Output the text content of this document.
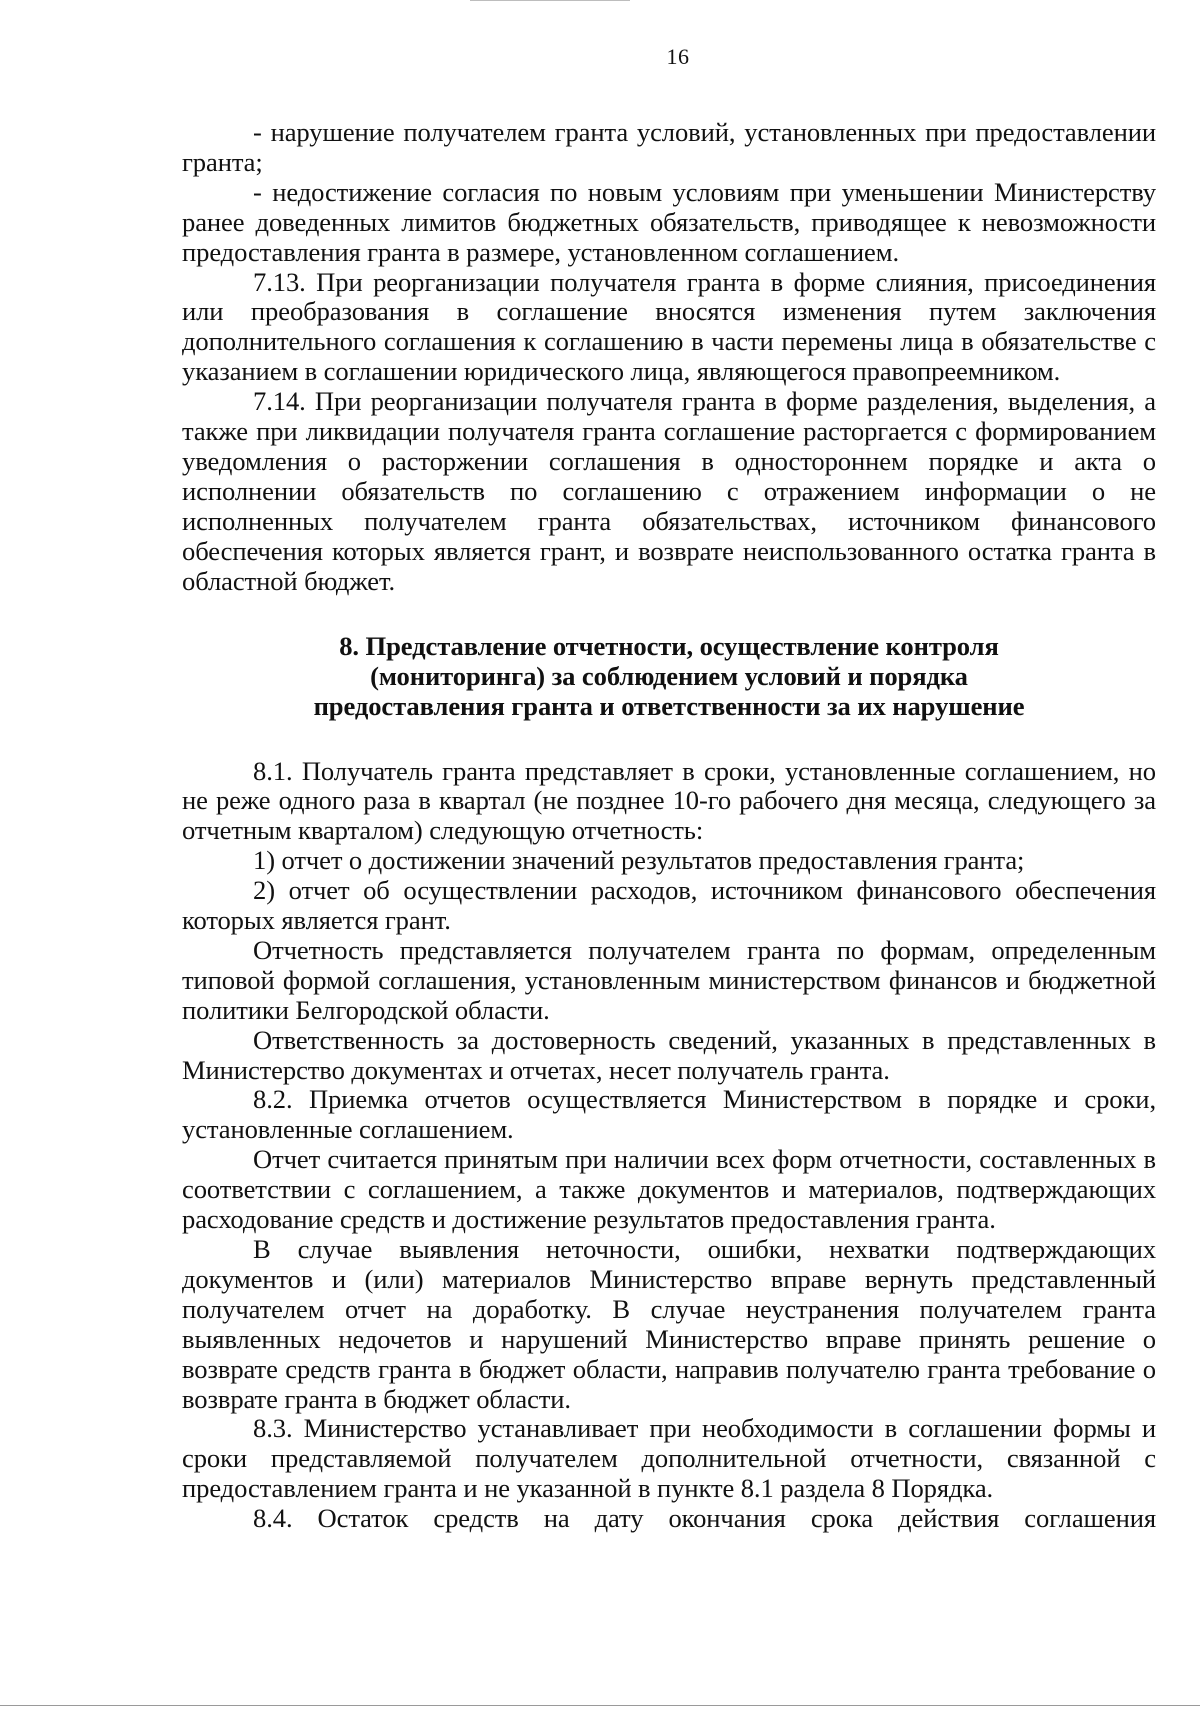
16

- нарушение получателем гранта условий, установленных при предоставлении гранта;

- недостижение согласия по новым условиям при уменьшении Министерству ранее доведенных лимитов бюджетных обязательств, приводящее к невозможности предоставления гранта в размере, установленном соглашением.

7.13. При реорганизации получателя гранта в форме слияния, присоединения или преобразования в соглашение вносятся изменения путем заключения дополнительного соглашения к соглашению в части перемены лица в обязательстве с указанием в соглашении юридического лица, являющегося правопреемником.

7.14. При реорганизации получателя гранта в форме разделения, выделения, а также при ликвидации получателя гранта соглашение расторгается с формированием уведомления о расторжении соглашения в одностороннем порядке и акта о исполнении обязательств по соглашению с отражением информации о не исполненных получателем гранта обязательствах, источником финансового обеспечения которых является грант, и возврате неиспользованного остатка гранта в областной бюджет.

8. Представление отчетности, осуществление контроля
(мониторинга) за соблюдением условий и порядка
предоставления гранта и ответственности за их нарушение

8.1. Получатель гранта представляет в сроки, установленные соглашением, но не реже одного раза в квартал (не позднее 10-го рабочего дня месяца, следующего за отчетным кварталом) следующую отчетность:

1) отчет о достижении значений результатов предоставления гранта;

2) отчет об осуществлении расходов, источником финансового обеспечения которых является грант.

Отчетность представляется получателем гранта по формам, определенным типовой формой соглашения, установленным министерством финансов и бюджетной политики Белгородской области.

Ответственность за достоверность сведений, указанных в представленных в Министерство документах и отчетах, несет получатель гранта.

8.2. Приемка отчетов осуществляется Министерством в порядке и сроки, установленные соглашением.

Отчет считается принятым при наличии всех форм отчетности, составленных в соответствии с соглашением, а также документов и материалов, подтверждающих расходование средств и достижение результатов предоставления гранта.

В случае выявления неточности, ошибки, нехватки подтверждающих документов и (или) материалов Министерство вправе вернуть представленный получателем отчет на доработку. В случае неустранения получателем гранта выявленных недочетов и нарушений Министерство вправе принять решение о возврате средств гранта в бюджет области, направив получателю гранта требование о возврате гранта в бюджет области.

8.3. Министерство устанавливает при необходимости в соглашении формы и сроки представляемой получателем дополнительной отчетности, связанной с предоставлением гранта и не указанной в пункте 8.1 раздела 8 Порядка.

8.4. Остаток средств на дату окончания срока действия соглашения
